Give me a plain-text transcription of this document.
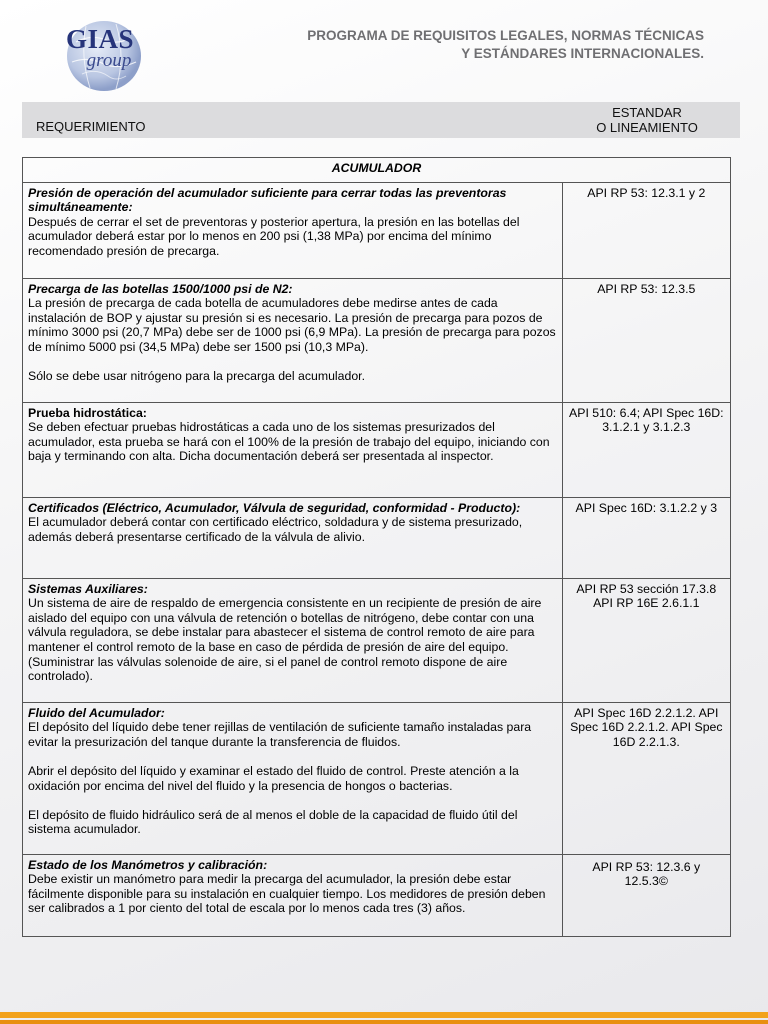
GIAS
group
PROGRAMA DE REQUISITOS LEGALES, NORMAS TÉCNICAS
Y ESTÁNDARES INTERNACIONALES.
REQUERIMIENTO
ESTANDAR
O LINEAMIENTO
ACUMULADOR	

Presión de operación del acumulador suficiente para cerrar todas las preventoras simultáneamente:

Después de cerrar el set de preventoras y posterior apertura, la presión en las botellas del acumulador deberá estar por lo menos en 200 psi (1,38 MPa) por encima del mínimo recomendado presión de precarga.	API RP 53: 12.3.1 y 2

Precarga de las botellas 1500/1000 psi de N2:

La presión de precarga de cada botella de acumuladores debe medirse antes de cada instalación de BOP y ajustar su presión si es necesario. La presión de precarga para pozos de mínimo 3000 psi (20,7 MPa) debe ser de 1000 psi (6,9 MPa). La presión de precarga para pozos de mínimo 5000 psi (34,5 MPa) debe ser 1500 psi (10,3 MPa).

Sólo se debe usar nitrógeno para la precarga del acumulador.	API RP 53: 12.3.5

Prueba hidrostática:

Se deben efectuar pruebas hidrostáticas a cada uno de los sistemas presurizados del acumulador, esta prueba se hará con el 100% de la presión de trabajo del equipo, iniciando con baja y terminando con alta. Dicha documentación deberá ser presentada al inspector.	API 510: 6.4; API Spec 16D: 3.1.2.1 y 3.1.2.3

Certificados (Eléctrico, Acumulador, Válvula de seguridad, conformidad - Producto):

El acumulador deberá contar con certificado eléctrico, soldadura y de sistema presurizado, además deberá presentarse certificado de la válvula de alivio.	API Spec 16D: 3.1.2.2 y 3

Sistemas Auxiliares:

Un sistema de aire de respaldo de emergencia consistente en un recipiente de presión de aire aislado del equipo con una válvula de retención o botellas de nitrógeno, debe contar con una válvula reguladora, se debe instalar para abastecer el sistema de control remoto de aire para mantener el control remoto de la base en caso de pérdida de presión de aire del equipo. (Suministrar las válvulas solenoide de aire, si el panel de control remoto dispone de aire controlado).	API RP 53 sección 17.3.8 API RP 16E 2.6.1.1

Fluido del Acumulador:

El depósito del líquido debe tener rejillas de ventilación de suficiente tamaño instaladas para evitar la presurización del tanque durante la transferencia de fluidos.

Abrir el depósito del líquido y examinar el estado del fluido de control. Preste atención a la oxidación por encima del nivel del fluido y la presencia de hongos o bacterias.

El depósito de fluido hidráulico será de al menos el doble de la capacidad de fluido útil del sistema acumulador.	API Spec 16D 2.2.1.2. API Spec 16D 2.2.1.2. API Spec 16D 2.2.1.3.

Estado de los Manómetros y calibración:

Debe existir un manómetro para medir la precarga del acumulador, la presión debe estar fácilmente disponible para su instalación en cualquier tiempo. Los medidores de presión deben ser calibrados a 1 por ciento del total de escala por lo menos cada tres (3) años.	API RP 53: 12.3.6 y 12.5.3©
